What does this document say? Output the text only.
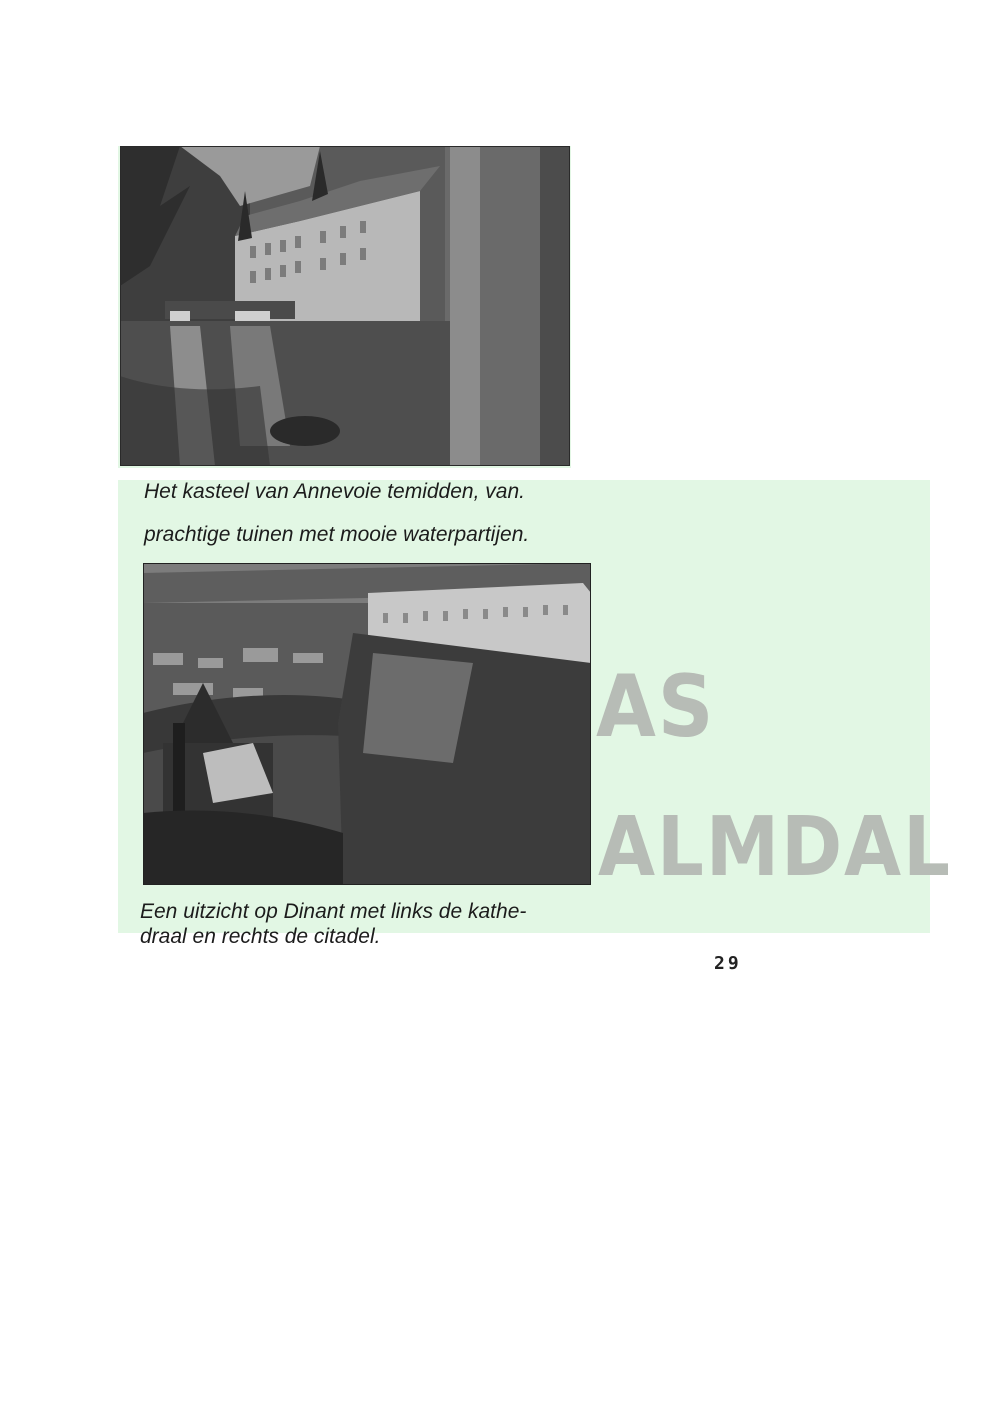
AS
ALMDAL

Het kasteel van Annevoie temidden, van.

prachtige tuinen met mooie waterpartijen.

Een uitzicht op Dinant met links de kathe-

draal en rechts de citadel.

29
